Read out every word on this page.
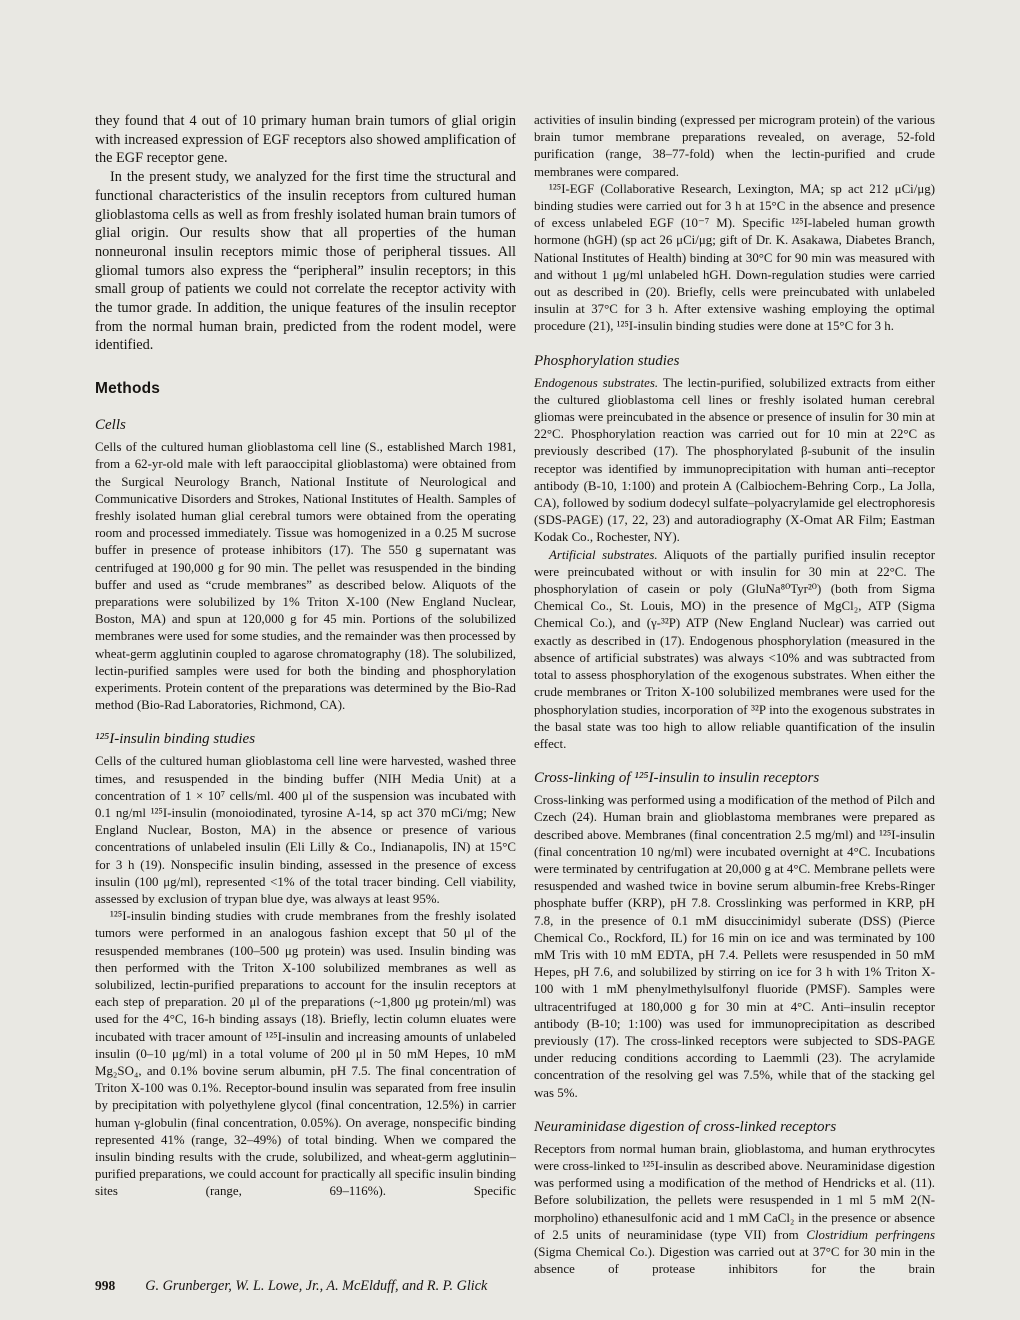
they found that 4 out of 10 primary human brain tumors of glial origin with increased expression of EGF receptors also showed amplification of the EGF receptor gene.

In the present study, we analyzed for the first time the structural and functional characteristics of the insulin receptors from cultured human glioblastoma cells as well as from freshly isolated human brain tumors of glial origin. Our results show that all properties of the human nonneuronal insulin receptors mimic those of peripheral tissues. All gliomal tumors also express the “peripheral” insulin receptors; in this small group of patients we could not correlate the receptor activity with the tumor grade. In addition, the unique features of the insulin receptor from the normal human brain, predicted from the rodent model, were identified.

Methods
Cells

Cells of the cultured human glioblastoma cell line (S., established March 1981, from a 62-yr-old male with left paraoccipital glioblastoma) were obtained from the Surgical Neurology Branch, National Institute of Neurological and Communicative Disorders and Strokes, National Institutes of Health. Samples of freshly isolated human glial cerebral tumors were obtained from the operating room and processed immediately. Tissue was homogenized in a 0.25 M sucrose buffer in presence of protease inhibitors (17). The 550 g supernatant was centrifuged at 190,000 g for 90 min. The pellet was resuspended in the binding buffer and used as “crude membranes” as described below. Aliquots of the preparations were solubilized by 1% Triton X-100 (New England Nuclear, Boston, MA) and spun at 120,000 g for 45 min. Portions of the solubilized membranes were used for some studies, and the remainder was then processed by wheat-germ agglutinin coupled to agarose chromatography (18). The solubilized, lectin-purified samples were used for both the binding and phosphorylation experiments. Protein content of the preparations was determined by the Bio-Rad method (Bio-Rad Laboratories, Richmond, CA).

¹²⁵I-insulin binding studies

Cells of the cultured human glioblastoma cell line were harvested, washed three times, and resuspended in the binding buffer (NIH Media Unit) at a concentration of 1 × 10⁷ cells/ml. 400 μl of the suspension was incubated with 0.1 ng/ml ¹²⁵I-insulin (monoiodinated, tyrosine A-14, sp act 370 mCi/mg; New England Nuclear, Boston, MA) in the absence or presence of various concentrations of unlabeled insulin (Eli Lilly & Co., Indianapolis, IN) at 15°C for 3 h (19). Nonspecific insulin binding, assessed in the presence of excess insulin (100 μg/ml), represented <1% of the total tracer binding. Cell viability, assessed by exclusion of trypan blue dye, was always at least 95%.

¹²⁵I-insulin binding studies with crude membranes from the freshly isolated tumors were performed in an analogous fashion except that 50 μl of the resuspended membranes (100–500 μg protein) was used. Insulin binding was then performed with the Triton X-100 solubilized membranes as well as solubilized, lectin-purified preparations to account for the insulin receptors at each step of preparation. 20 μl of the preparations (~1,800 μg protein/ml) was used for the 4°C, 16-h binding assays (18). Briefly, lectin column eluates were incubated with tracer amount of ¹²⁵I-insulin and increasing amounts of unlabeled insulin (0–10 μg/ml) in a total volume of 200 μl in 50 mM Hepes, 10 mM Mg₂SO₄, and 0.1% bovine serum albumin, pH 7.5. The final concentration of Triton X-100 was 0.1%. Receptor-bound insulin was separated from free insulin by precipitation with polyethylene glycol (final concentration, 12.5%) in carrier human γ-globulin (final concentration, 0.05%). On average, nonspecific binding represented 41% (range, 32–49%) of total binding. When we compared the insulin binding results with the crude, solubilized, and wheat-germ agglutinin–purified preparations, we could account for practically all specific insulin binding sites (range, 69–116%). Specific

activities of insulin binding (expressed per microgram protein) of the various brain tumor membrane preparations revealed, on average, 52-fold purification (range, 38–77-fold) when the lectin-purified and crude membranes were compared.

¹²⁵I-EGF (Collaborative Research, Lexington, MA; sp act 212 μCi/μg) binding studies were carried out for 3 h at 15°C in the absence and presence of excess unlabeled EGF (10⁻⁷ M). Specific ¹²⁵I-labeled human growth hormone (hGH) (sp act 26 μCi/μg; gift of Dr. K. Asakawa, Diabetes Branch, National Institutes of Health) binding at 30°C for 90 min was measured with and without 1 μg/ml unlabeled hGH. Down-regulation studies were carried out as described in (20). Briefly, cells were preincubated with unlabeled insulin at 37°C for 3 h. After extensive washing employing the optimal procedure (21), ¹²⁵I-insulin binding studies were done at 15°C for 3 h.

Phosphorylation studies

Endogenous substrates. The lectin-purified, solubilized extracts from either the cultured glioblastoma cell lines or freshly isolated human cerebral gliomas were preincubated in the absence or presence of insulin for 30 min at 22°C. Phosphorylation reaction was carried out for 10 min at 22°C as previously described (17). The phosphorylated β-subunit of the insulin receptor was identified by immunoprecipitation with human anti–receptor antibody (B-10, 1:100) and protein A (Calbiochem-Behring Corp., La Jolla, CA), followed by sodium dodecyl sulfate–polyacrylamide gel electrophoresis (SDS-PAGE) (17, 22, 23) and autoradiography (X-Omat AR Film; Eastman Kodak Co., Rochester, NY).

Artificial substrates. Aliquots of the partially purified insulin receptor were preincubated without or with insulin for 30 min at 22°C. The phosphorylation of casein or poly (GluNa⁸⁰Tyr²⁰) (both from Sigma Chemical Co., St. Louis, MO) in the presence of MgCl₂, ATP (Sigma Chemical Co.), and (γ-³²P) ATP (New England Nuclear) was carried out exactly as described in (17). Endogenous phosphorylation (measured in the absence of artificial substrates) was always <10% and was subtracted from total to assess phosphorylation of the exogenous substrates. When either the crude membranes or Triton X-100 solubilized membranes were used for the phosphorylation studies, incorporation of ³²P into the exogenous substrates in the basal state was too high to allow reliable quantification of the insulin effect.

Cross-linking of ¹²⁵I-insulin to insulin receptors

Cross-linking was performed using a modification of the method of Pilch and Czech (24). Human brain and glioblastoma membranes were prepared as described above. Membranes (final concentration 2.5 mg/ml) and ¹²⁵I-insulin (final concentration 10 ng/ml) were incubated overnight at 4°C. Incubations were terminated by centrifugation at 20,000 g at 4°C. Membrane pellets were resuspended and washed twice in bovine serum albumin-free Krebs-Ringer phosphate buffer (KRP), pH 7.8. Crosslinking was performed in KRP, pH 7.8, in the presence of 0.1 mM disuccinimidyl suberate (DSS) (Pierce Chemical Co., Rockford, IL) for 16 min on ice and was terminated by 100 mM Tris with 10 mM EDTA, pH 7.4. Pellets were resuspended in 50 mM Hepes, pH 7.6, and solubilized by stirring on ice for 3 h with 1% Triton X-100 with 1 mM phenylmethylsulfonyl fluoride (PMSF). Samples were ultracentrifuged at 180,000 g for 30 min at 4°C. Anti–insulin receptor antibody (B-10; 1:100) was used for immunoprecipitation as described previously (17). The cross-linked receptors were subjected to SDS-PAGE under reducing conditions according to Laemmli (23). The acrylamide concentration of the resolving gel was 7.5%, while that of the stacking gel was 5%.

Neuraminidase digestion of cross-linked receptors

Receptors from normal human brain, glioblastoma, and human erythrocytes were cross-linked to ¹²⁵I-insulin as described above. Neuraminidase digestion was performed using a modification of the method of Hendricks et al. (11). Before solubilization, the pellets were resuspended in 1 ml 5 mM 2(N-morpholino) ethanesulfonic acid and 1 mM CaCl₂ in the presence or absence of 2.5 units of neuraminidase (type VII) from Clostridium perfringens (Sigma Chemical Co.). Digestion was carried out at 37°C for 30 min in the absence of protease inhibitors for the brain

998 G. Grunberger, W. L. Lowe, Jr., A. McElduff, and R. P. Glick
